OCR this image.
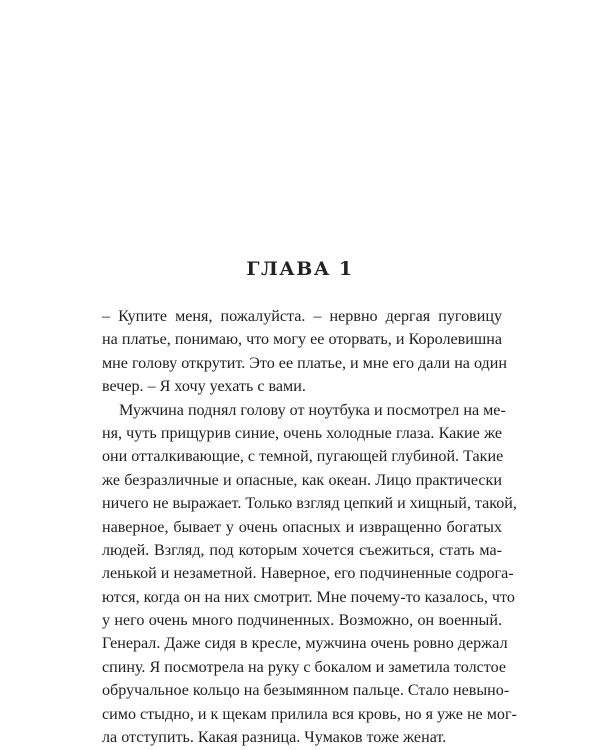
ГЛАВА 1
– Купите меня, пожалуйста. – нервно дергая пуговицу
на платье, понимаю, что могу ее оторвать, и Королевишна
мне голову открутит. Это ее платье, и мне его дали на один
вечер. – Я хочу уехать с вами.
Мужчина поднял голову от ноутбука и посмотрел на ме-
ня, чуть прищурив синие, очень холодные глаза. Какие же
они отталкивающие, с темной, пугающей глубиной. Такие
же безразличные и опасные, как океан. Лицо практически
ничего не выражает. Только взгляд цепкий и хищный, такой,
наверное, бывает у очень опасных и извращенно богатых
людей. Взгляд, под которым хочется съежиться, стать ма-
ленькой и незаметной. Наверное, его подчиненные содрога-
ются, когда он на них смотрит. Мне почему-то казалось, что
у него очень много подчиненных. Возможно, он военный.
Генерал. Даже сидя в кресле, мужчина очень ровно держал
спину. Я посмотрела на руку с бокалом и заметила толстое
обручальное кольцо на безымянном пальце. Стало невыно-
симо стыдно, и к щекам прилила вся кровь, но я уже не мог-
ла отступить. Какая разница. Чумаков тоже женат.
